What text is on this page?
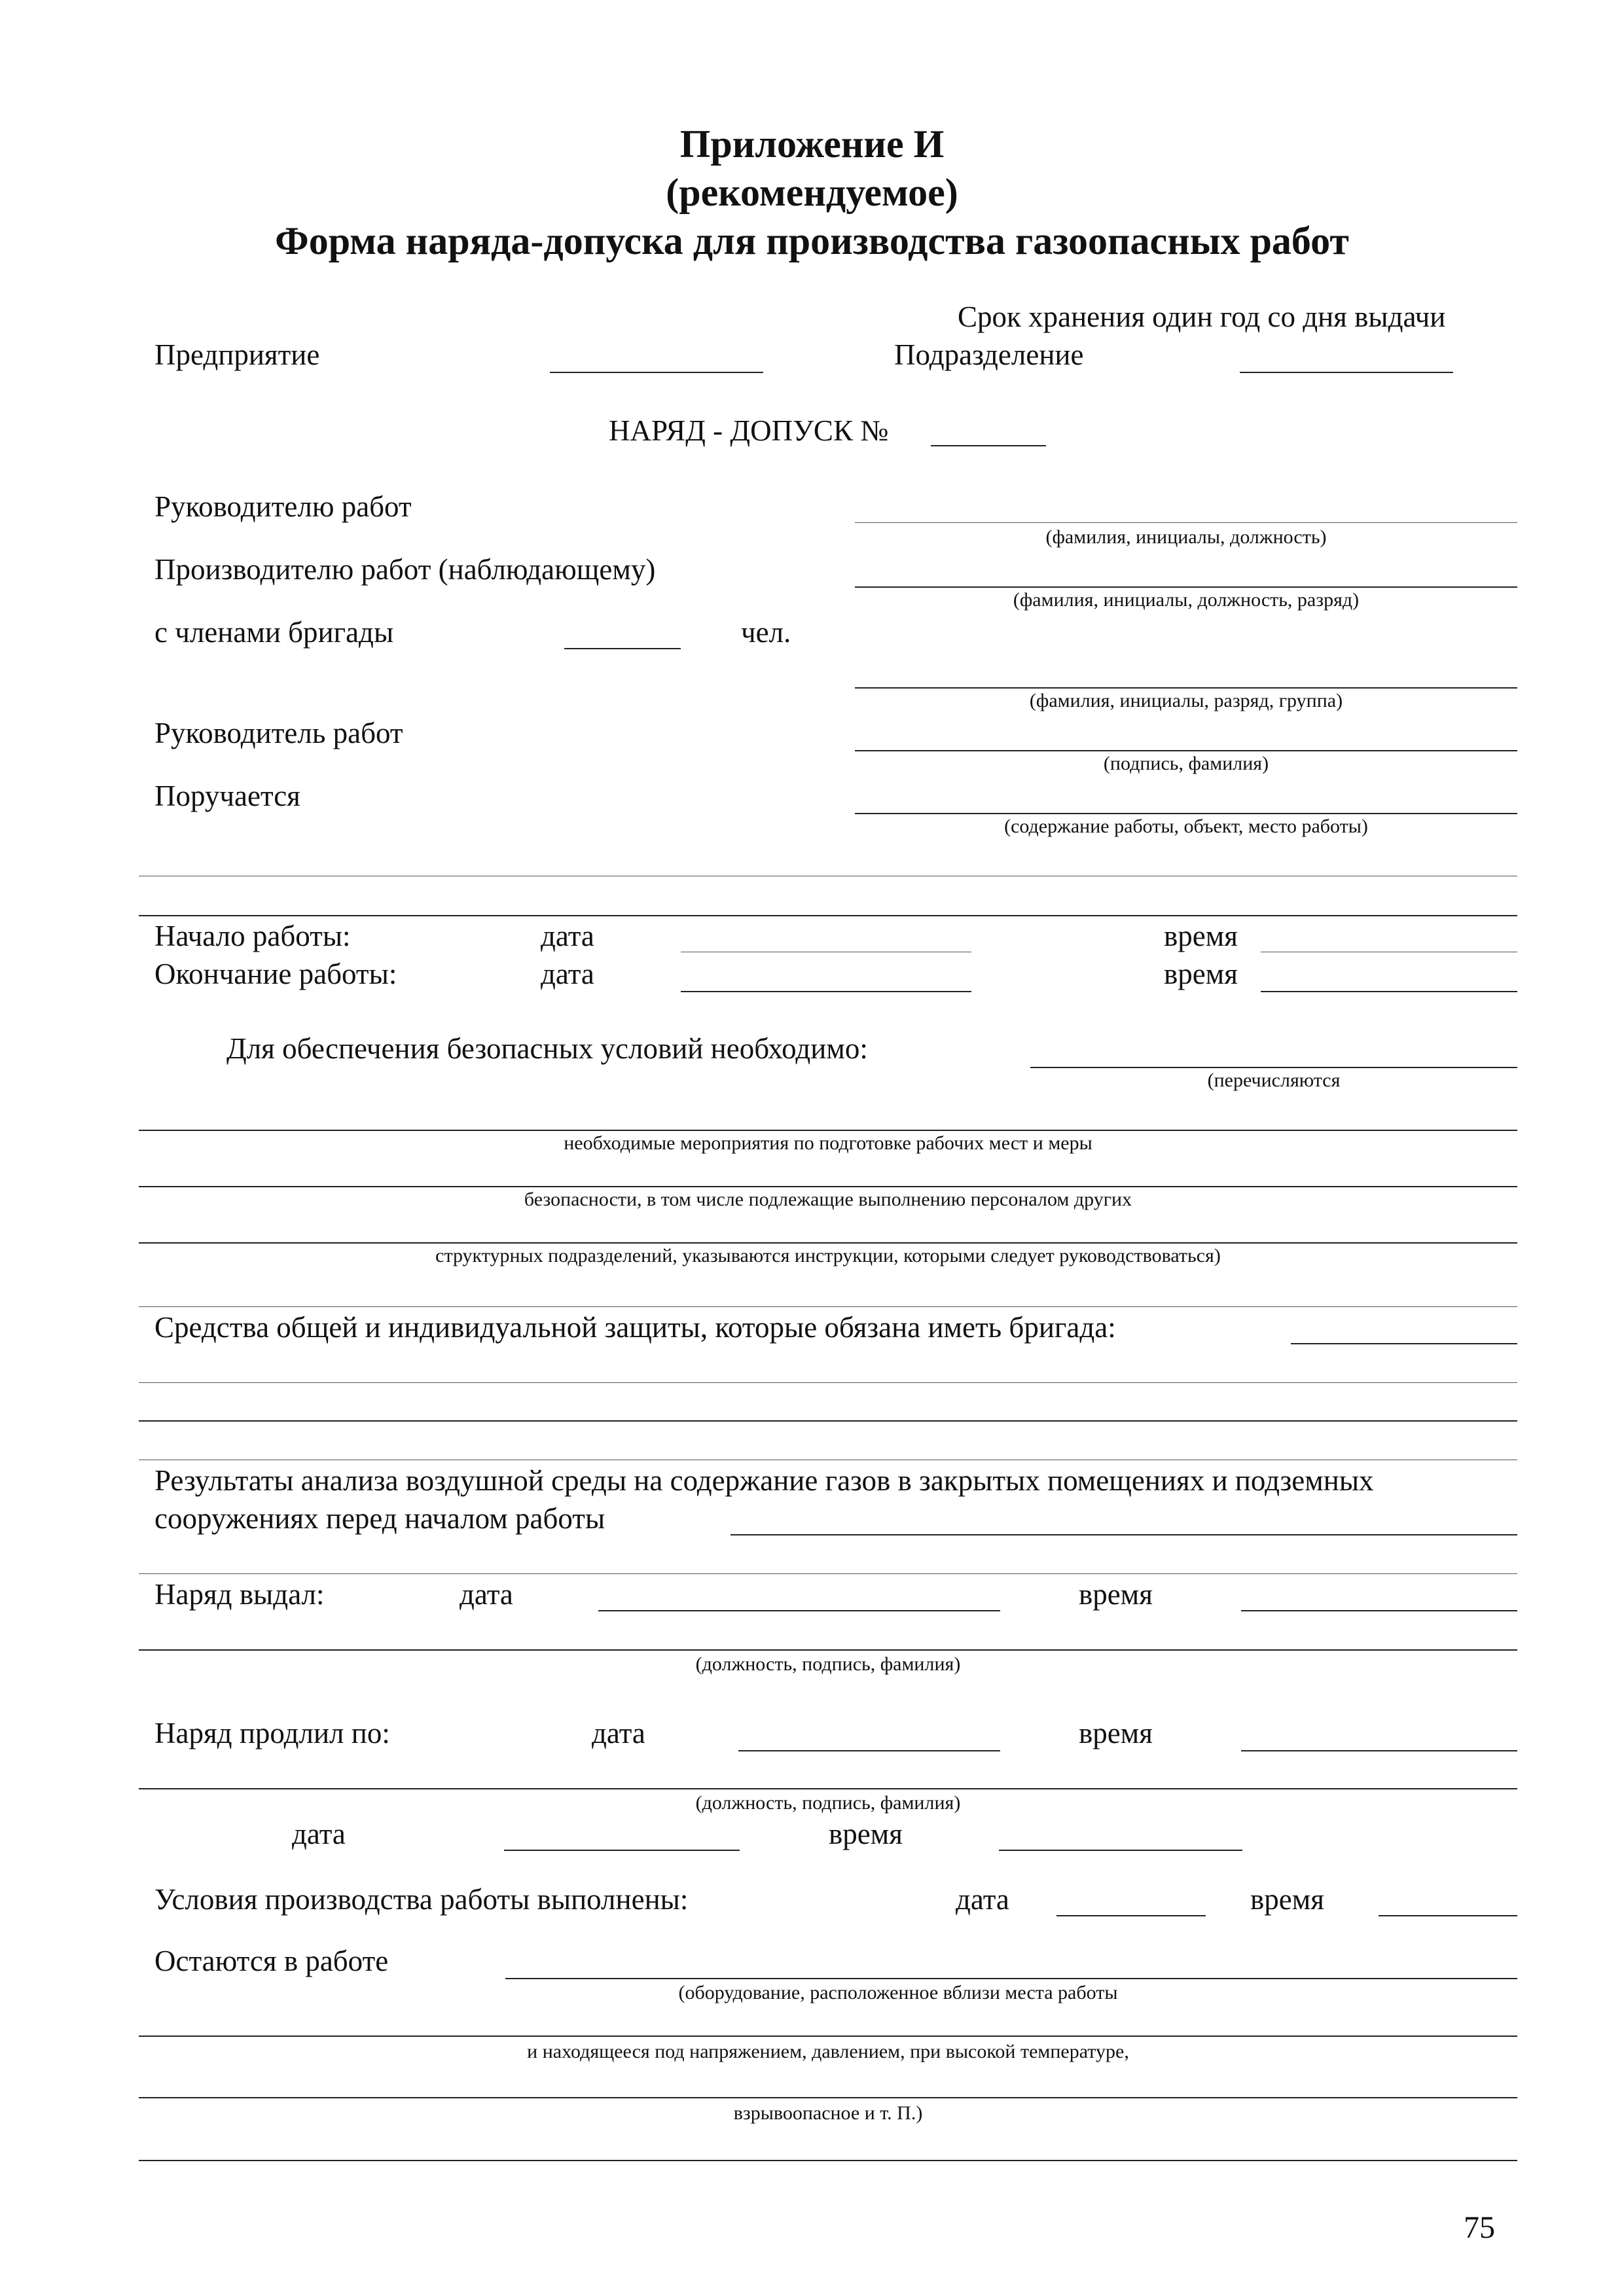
Приложение И
(рекомендуемое)
Форма наряда-допуска для производства газоопасных работ
Срок хранения один год со дня выдачи
Предприятие	Подразделение
НАРЯД - ДОПУСК №
Руководителю работ
(фамилия, инициалы, должность)
Производителю работ (наблюдающему)
(фамилия, инициалы, должность, разряд)
с членами бригады	чел.
(фамилия, инициалы, разряд, группа)
Руководитель работ
(подпись, фамилия)
Поручается
(содержание работы, объект, место работы)
Начало работы:	дата	время
Окончание работы:	дата	время
Для обеспечения безопасных условий необходимо:
(перечисляются
необходимые мероприятия по подготовке рабочих мест и меры
безопасности, в том числе подлежащие выполнению персоналом других
структурных подразделений, указываются инструкции, которыми следует руководствоваться)
Средства общей и индивидуальной защиты, которые обязана иметь бригада:
Результаты анализа воздушной среды на содержание газов в закрытых помещениях и подземных
сооружениях перед началом работы
Наряд выдал:	дата	время
(должность, подпись, фамилия)
Наряд продлил по:	дата	время
(должность, подпись, фамилия)
дата	время
Условия производства работы выполнены:	дата	время
Остаются в работе
(оборудование, расположенное вблизи места работы
и находящееся под напряжением, давлением, при высокой температуре,
взрывоопасное и т. П.)
75
